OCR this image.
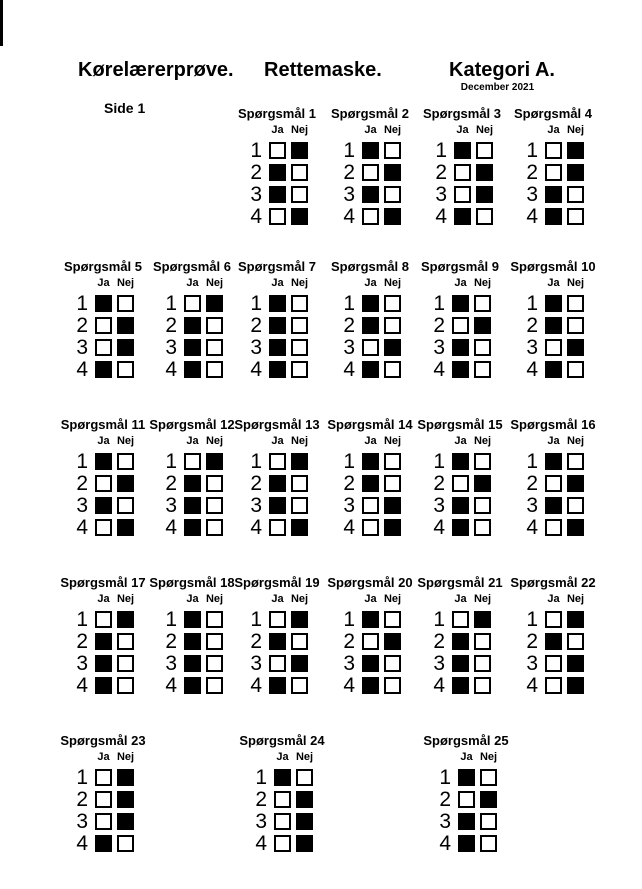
Kørelærerprøve. Rettemaske.	Kategori A.
December 2021
Side 1	Spørgsmål 1
Ja Nej
1
2
3
4
Spørgsmål 2
Ja Nej
1
2
3
4
Spørgsmål 3
Ja Nej
1
2
3
4
Spørgsmål 4
Ja Nej
1
2
3
4
Spørgsmål 5
Ja Nej
1
2
3
4
Spørgsmål 6
Ja Nej
1
2
3
4
Spørgsmål 7
Ja Nej
1
2
3
4
Spørgsmål 8
Ja Nej
1
2
3
4
Spørgsmål 9
Ja Nej
1
2
3
4
Spørgsmål 10
Ja Nej
1
2
3
4
Spørgsmål 11
Ja Nej
1
2
3
4
Spørgsmål 12
Ja Nej
1
2
3
4
Spørgsmål 13
Ja Nej
1
2
3
4
Spørgsmål 14
Ja Nej
1
2
3
4
Spørgsmål 15
Ja Nej
1
2
3
4
Spørgsmål 16
Ja Nej
1
2
3
4
Spørgsmål 17
Ja Nej
1
2
3
4
Spørgsmål 18
Ja Nej
1
2
3
4
Spørgsmål 19
Ja Nej
1
2
3
4
Spørgsmål 20
Ja Nej
1
2
3
4
Spørgsmål 21
Ja Nej
1
2
3
4
Spørgsmål 22
Ja Nej
1
2
3
4
Spørgsmål 23
Ja Nej
1
2
3
4
Spørgsmål 24
Ja Nej
1
2
3
4
Spørgsmål 25
Ja Nej
1
2
3
4
